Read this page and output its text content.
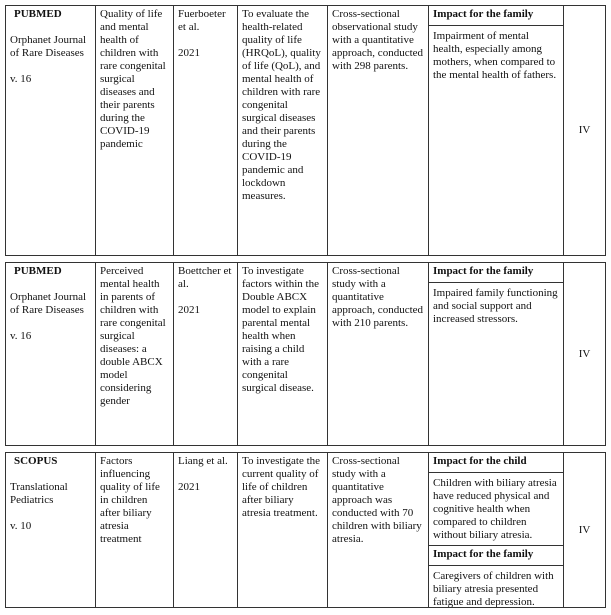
PUBMED

Orphanet Journal of Rare Diseases

v. 16

Quality of life and mental health of children with rare congenital surgical diseases and their parents during the COVID-19 pandemic

Fuerboeter et al.

2021

To evaluate the health-related quality of life (HRQoL), quality of life (QoL), and mental health of children with rare congenital surgical diseases and their parents during the COVID-19 pandemic and lockdown measures.

Cross-sectional observational study with a quantitative approach, conducted with 298 parents.

Impact for the family
Impairment of mental health, especially among mothers, when compared to the mental health of fathers.
IV

PUBMED

Orphanet Journal of Rare Diseases

v. 16

Perceived mental health in parents of children with rare congenital surgical diseases: a double ABCX model considering gender

Boettcher et al.

2021

To investigate factors within the Double ABCX model to explain parental mental health when raising a child with a rare congenital surgical disease.

Cross-sectional study with a quantitative approach, conducted with 210 parents.

Impact for the family
Impaired family functioning and social support and increased stressors.
IV

SCOPUS

Translational Pediatrics

v. 10

Factors influencing quality of life in children after biliary atresia treatment

Liang et al.

2021

To investigate the current quality of life of children after biliary atresia treatment.

Cross-sectional study with a quantitative approach was conducted with 70 children with biliary atresia.

Impact for the child
Children with biliary atresia have reduced physical and cognitive health when compared to children without biliary atresia.
Impact for the family
Caregivers of children with biliary atresia presented fatigue and depression.
IV
